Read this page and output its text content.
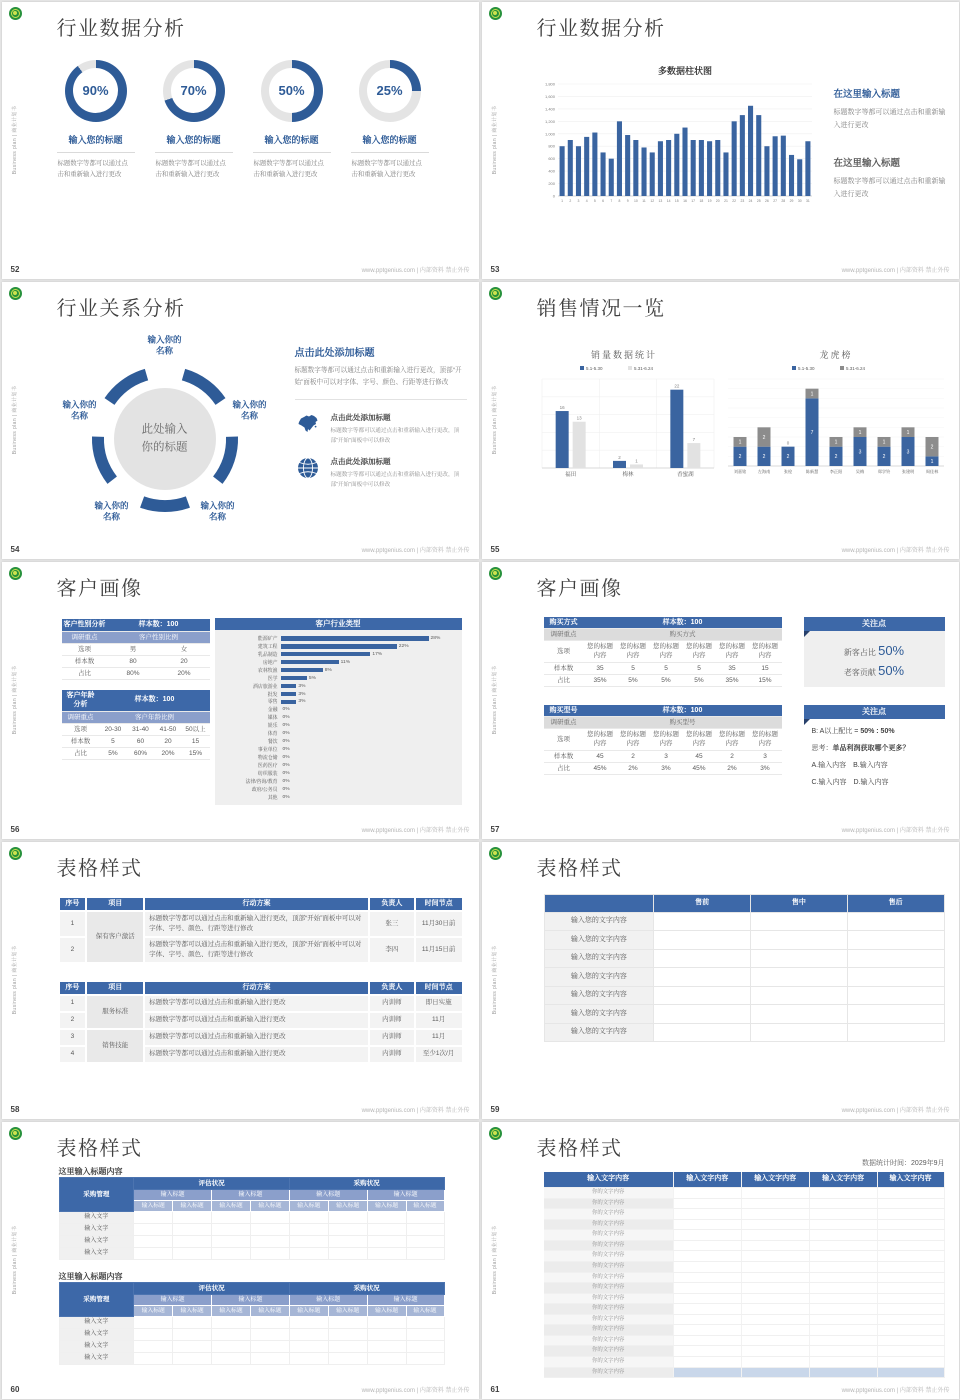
行业数据分析
Business plan | 商业计划书
52	www.pptgenius.com | 内部资料 禁止外传
90%
输入您的标题
标题数字等都可以通过点击和重新输入进行更改
70%
输入您的标题
标题数字等都可以通过点击和重新输入进行更改
50%
输入您的标题
标题数字等都可以通过点击和重新输入进行更改
25%
输入您的标题
标题数字等都可以通过点击和重新输入进行更改
行业数据分析
Business plan | 商业计划书
53	www.pptgenius.com | 内部资料 禁止外传
多数据柱状图
0
200
400
600
800
1,000
1,200
1,400
1,600
1,800
1 2 3 4 5 6 7 8 9 10 11 12 13 14 15 16 17 18 19 20 21 22 23 24 25 26 27 28 29 30 31
在这里输入标题
标题数字等都可以通过点击和重新输入进行更改
在这里输入标题
标题数字等都可以通过点击和重新输入进行更改
行业关系分析
Business plan | 商业计划书
54	www.pptgenius.com | 内部资料 禁止外传
此处输入
你的标题
输入你的
名称
输入你的
名称
输入你的
名称
输入你的
名称
输入你的
名称
点击此处添加标题
标题数字等都可以通过点击和重新输入进行更改，顶部“开始”面板中可以对字体、字号、颜色、行距等进行修改
点击此处添加标题
标题数字等都可以通过点击和重新输入进行更改，顶部“开始”面板中可以修改
点击此处添加标题
标题数字等都可以通过点击和重新输入进行更改，顶部“开始”面板中可以修改
销售情况一览
Business plan | 商业计划书
55	www.pptgenius.com | 内部资料 禁止外传
销量数据统计
5.1-5.30	5.31-6.24
16
13
福田
2
1
梅林
22
7
香蜜湖
龙虎榜
5.1-5.30	5.31-6.24
2
1
刘嘉铭
2
2
左海南
2
0
张栓
7
1
陈新慧
2
1
李正阳
3
1
吴梅
2
1
郑学铃
3
1
张建明
1
2
周佳林
客户画像
Business plan | 商业计划书
56	www.pptgenius.com | 内部资料 禁止外传
客户性别分析	样本数：100	
调研重点	客户性别比例	
选项	男	女
样本数	80	20
占比	80%	20%
客户年龄分析	样本数：100			
调研重点	客户年龄比例			
选项	20-30	31-40	41-50	50以上
样本数	5	60	20	15
占比	5%	60%	20%	15%
客户行业类型
能源矿产	28%
建筑工程	22%
乳品制造	17%
房地产	11%
农林牧渔	8%
医学	5%
酒店旅游业	3%
批发	3%
零售	3%
金融	0%
媒体	0%
娱乐	0%
体育	0%
餐饮	0%
事业单位	0%
物流仓储	0%
医药医疗	0%
纺织服装	0%
法律/咨询/教育	0%
政府/公务员	0%
其他	0%
客户画像
Business plan | 商业计划书
57	www.pptgenius.com | 内部资料 禁止外传
购买方式	样本数：100					
调研重点	购买方式					
选项	您的标题内容	您的标题内容	您的标题内容	您的标题内容	您的标题内容	您的标题内容
样本数	35	5	5	5	35	15
占比	35%	5%	5%	5%	35%	15%
购买型号	样本数：100					
调研重点	购买型号					
选项	您的标题内容	您的标题内容	您的标题内容	您的标题内容	您的标题内容	您的标题内容
样本数	45	2	3	45	2	3
占比	45%	2%	3%	45%	2%	3%
关注点
新客占比 50%
老客贡献 50%
关注点
B: A以上配比 = 50% : 50%
思考：单品利润获取哪个更多？
A.输入内容　B.输入内容
C.输入内容　D.输入内容
表格样式
Business plan | 商业计划书
58	www.pptgenius.com | 内部资料 禁止外传
序号	项目	行动方案	负责人	时间节点
1	保有客户激活	标题数字等都可以通过点击和重新输入进行更改，顶部“开始”面板中可以对字体、字号、颜色、行距等进行修改	张三	11月30日前
2		标题数字等都可以通过点击和重新输入进行更改，顶部“开始”面板中可以对字体、字号、颜色、行距等进行修改	李四	11月15日前
序号	项目	行动方案	负责人	时间节点
1	服务标准	标题数字等都可以通过点击和重新输入进行更改	内训师	即日实施
2		标题数字等都可以通过点击和重新输入进行更改	内训师	11月
3	销售技能	标题数字等都可以通过点击和重新输入进行更改	内训师	11月
4		标题数字等都可以通过点击和重新输入进行更改	内训师	至少1次/月
表格样式
Business plan | 商业计划书
59	www.pptgenius.com | 内部资料 禁止外传
	售前	售中	售后
输入您的文字内容			
输入您的文字内容			
输入您的文字内容			
输入您的文字内容			
输入您的文字内容			
输入您的文字内容			
输入您的文字内容			
表格样式
Business plan | 商业计划书
60	www.pptgenius.com | 内部资料 禁止外传
这里输入标题内容
采购管理	评估状况				采购状况			
	输入标题		输入标题		输入标题		输入标题	
	输入标题	输入标题	输入标题	输入标题	输入标题	输入标题	输入标题	输入标题
输入文字								
输入文字								
输入文字								
输入文字								
这里输入标题内容
采购管理	评估状况				采购状况			
	输入标题		输入标题		输入标题		输入标题	
	输入标题	输入标题	输入标题	输入标题	输入标题	输入标题	输入标题	输入标题
输入文字								
输入文字								
输入文字								
输入文字								
表格样式
Business plan | 商业计划书
61	www.pptgenius.com | 内部资料 禁止外传
数据统计时间：2029年9月
输入文字内容	输入文字内容	输入文字内容	输入文字内容	输入文字内容
你的文字内容				
你的文字内容				
你的文字内容				
你的文字内容				
你的文字内容				
你的文字内容				
你的文字内容				
你的文字内容				
你的文字内容				
你的文字内容				
你的文字内容				
你的文字内容				
你的文字内容				
你的文字内容				
你的文字内容				
你的文字内容				
你的文字内容				
你的文字内容				
